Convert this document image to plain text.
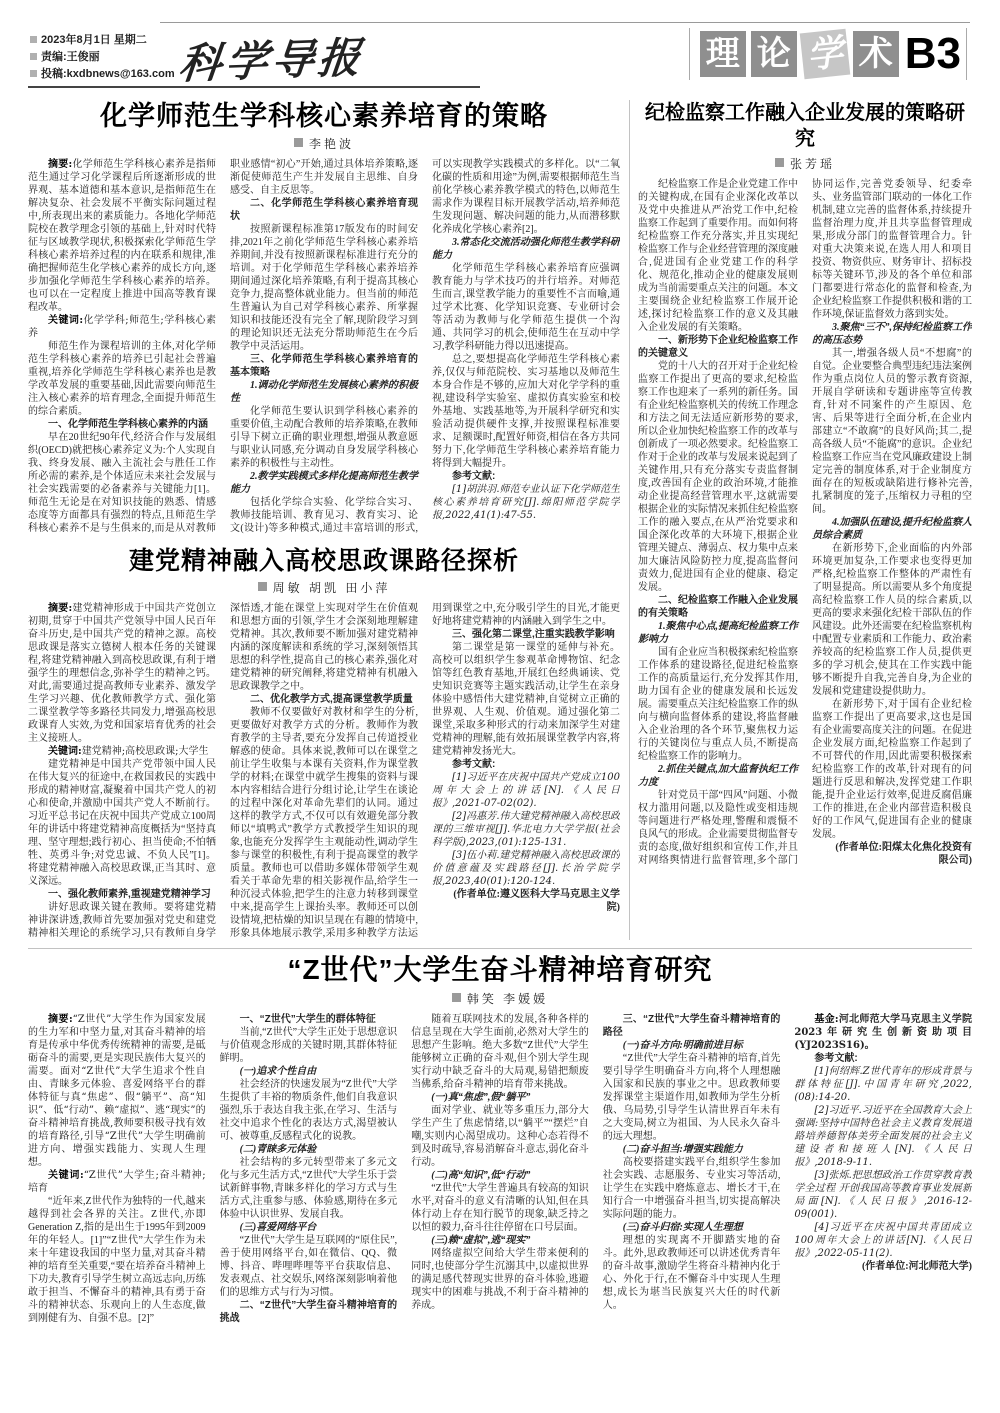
2023年8月1日 星期二
责编:王俊丽
投稿:kxdbnews@163.com 科学导报	理 论 学 术 B3
化学师范生学科核心素养培育的策略
李艳波

摘要:化学师范生学科核心素养是指师范生通过学习化学课程后所逐渐形成的世界观、基本道德和基本意识,是指师范生在解决复杂、社会发展不平衡实际问题过程中,所表现出来的素质能力。各地化学师范院校在教学理念引领的基础上,针对时代特征与区域教学现状,积极探索化学师范生学科核心素养培养过程的内在联系和规律,准确把握师范生化学核心素养的成长方向,逐步加强化学师范生学科核心素养的培养。也可以在一定程度上推进中国高等教育课程改革。

关键词:化学学科;师范生;学科核心素养

师范生作为课程培训的主体,对化学师范生学科核心素养的培养已引起社会普遍重视,培养化学师范生学科核心素养也是教学改革发展的重要基础,因此需要向师范生注入核心素养的培育理念,全面提升师范生的综合素质。

一、化学师范生学科核心素养的内涵

早在20世纪90年代,经济合作与发展组织(OECD)就把核心素养定义为:个人实现自我、终身发展、融入主流社会与胜任工作所必需的素养,是个体适应未来社会发展与社会实践需要的必备素养与关键能力[1]。师范生无论是在对知识技能的熟悉、情感态度等方面都具有强烈的特点,且师范生学科核心素养不是与生俱来的,而是从对教师职业感情“初心”开始,通过具体培养策略,逐渐促使师范生产生并发展自主思维、自身感受、自主反思等。

二、化学师范生学科核心素养培育现状

按照新课程标准第17版发布的时间安排,2021年之前化学师范生学科核心素养培养期间,并没有按照新课程标准进行充分的培训。对于化学师范生学科核心素养培养期间通过深化培养策略,有利于提高其核心竞争力,提高整体就业能力。但当前的师范生普遍认为自己对学科核心素养、所掌握知识和技能还没有完全了解,现阶段学习到的理论知识还无法充分帮助师范生在今后教学中灵活运用。

三、化学师范生学科核心素养培育的基本策略

1.调动化学师范生发展核心素养的积极性

化学师范生要认识到学科核心素养的重要价值,主动配合教师的培养策略,在教师引导下树立正确的职业理想,增强从教意愿与职业认同感,充分调动自身发展学科核心素养的积极性与主动性。

2.教学实践模式多样化提高师范生教学能力

包括化学综合实验、化学综合实习、教师技能培训、教育见习、教育实习、论文(设计)等多种模式,通过丰富培训的形式,可以实现教学实践模式的多样化。以“二氧化碳的性质和用途”为例,需要根据师范生当前化学核心素养教学模式的特色,以师范生需求作为课程目标开展教学活动,培养师范生发现问题、解决问题的能力,从而潜移默化养成化学核心素养[2]。

3.常态化交流活动强化师范生教学科研能力

化学师范生学科核心素养培育应强调教育能力与学术技巧的并行培养。对师范生而言,课堂教学能力的重要性不言而喻,通过学术比赛、化学知识竞赛、专业研讨会等活动为教师与化学师范生提供一个沟通、共同学习的机会,使师范生在互动中学习,教学科研能力得以迅速提高。

总之,要想提高化学师范生学科核心素养,仅仅与师范院校、实习基地以及师范生本身合作是不够的,应加大对化学学科的重视,建设科学实验室、虚拟仿真实验室和校外基地、实践基地等,为开展科学研究和实验活动提供硬件支撑,并按照课程标准要求、足额课时,配置好师资,相信在各方共同努力下,化学师范生学科核心素养培育能力将得到大幅提升。

参考文献:

[1]胡洪羽.师范专业认证下化学师范生核心素养培育研究[J].绵阳师范学院学报,2022,41(1):47-55.

建党精神融入高校思政课路径探析
周敏 胡凯 田小萍

摘要:建党精神形成于中国共产党创立初期,贯穿于中国共产党领导中国人民百年奋斗历史,是中国共产党的精神之源。高校思政课是落实立德树人根本任务的关键课程,将建党精神融入到高校思政课,有利于增强学生的理想信念,弥补学生的精神之钙。对此,需要通过提高教师专业素养、激发学生学习兴趣、优化教师教学方式、强化第二课堂教学等多路径共同发力,增强高校思政课育人实效,为党和国家培育优秀的社会主义接班人。

关键词:建党精神;高校思政课;大学生

建党精神是中国共产党带领中国人民在伟大复兴的征途中,在救国救民的实践中形成的精神财富,凝聚着中国共产党人的初心和使命,并激励中国共产党人不断前行。习近平总书记在庆祝中国共产党成立100周年的讲话中将建党精神高度概括为“坚持真理、坚守理想;践行初心、担当使命;不怕牺牲、英勇斗争;对党忠诚、不负人民”[1]。将建党精神融入高校思政课,正当其时、意义深远。

一、强化教师素养,重视建党精神学习

讲好思政课关键在教师。要将建党精神讲深讲透,教师首先要加强对党史和建党精神相关理论的系统学习,只有教师自身学深悟透,才能在课堂上实现对学生在价值观和思想方面的引领,学生才会深刻地理解建党精神。其次,教师要不断加强对建党精神内涵的深度解读和系统的学习,深刻领悟其思想的科学性,提高自己的核心素养,强化对建党精神的研究阐释,将建党精神有机融入思政课教学之中。

二、优化教学方式,提高课堂教学质量

教师不仅要做好对教材和学生的分析,更要做好对教学方式的分析。教师作为教育教学的主导者,要充分发挥自己传道授业解惑的使命。具体来说,教师可以在课堂之前让学生收集与本课有关资料,作为课堂教学的材料;在课堂中就学生搜集的资料与课本内容相结合进行分组讨论,让学生在谈论的过程中深化对革命先辈们的认同。通过这样的教学方式,不仅可以有效避免部分教师以“填鸭式”教学方式教授学生知识的现象,也能充分发挥学生主观能动性,调动学生参与课堂的积极性,有利于提高课堂的教学质量。教师也可以借助多媒体带领学生观看关于革命先辈的相关影视作品,给学生一种沉浸式体验,把学生的注意力转移到课堂中来,提高学生上课抬头率。教师还可以创设情境,把枯燥的知识呈现在有趣的情境中,形象具体地展示教学,采用多种教学方法运用到课堂之中,充分吸引学生的目光,才能更好地将建党精神的内涵融入到学生之中。

三、强化第二课堂,注重实践教学影响

第二课堂是第一课堂的延伸与补充。高校可以组织学生参观革命博物馆、纪念馆等红色教育基地,开展红色经典诵读、党史知识竞赛等主题实践活动,让学生在亲身体验中感悟伟大建党精神,自觉树立正确的世界观、人生观、价值观。通过强化第二课堂,采取多种形式的行动来加深学生对建党精神的理解,能有效拓展课堂教学内容,将建党精神发扬光大。

参考文献:

[1]习近平在庆祝中国共产党成立100周年大会上的讲话[N].《人民日报》,2021-07-02(02).

[2]冯惠芳.伟大建党精神融入高校思政课的三维审视[J].华北电力大学学报(社会科学版),2023,(01):125-131.

[3]伍小莉.建党精神融入高校思政课的价值意蕴及实践路径[J].长治学院学报,2023,40(01):120-124.

(作者单位:遵义医科大学马克思主义学院)

纪检监察工作融入企业发展的策略研究
张芳瑶

纪检监察工作是企业党建工作中的关键构成,在国有企业深化改革以及党中央推进从严治党工作中,纪检监察工作起到了重要作用。而如何将纪检监察工作充分落实,并且实现纪检监察工作与企业经营管理的深度融合,促进国有企业党建工作的科学化、规范化,推动企业的健康发展则成为当前需要重点关注的问题。本文主要围绕企业纪检监察工作展开论述,探讨纪检监察工作的意义及其融入企业发展的有关策略。

一、新形势下企业纪检监察工作的关键意义

党的十八大的召开对于企业纪检监察工作提出了更高的要求,纪检监察工作也迎来了一系列的新任务。国有企业纪检监察机关的传统工作理念和方法之间无法适应新形势的要求,所以企业加快纪检监察工作的改革与创新成了一项必然要求。纪检监察工作对于企业的改革与发展来说起到了关键作用,只有充分落实专责监督制度,改善国有企业的政治环境,才能推动企业提高经营管理水平,这就需要根据企业的实际情况来抓住纪检监察工作的融入要点,在从严治党要求和国企深化改革的大环境下,根据企业管理关键点、薄弱点、权力集中点来加大廉洁风险防控力度,提高监督问责效力,促进国有企业的健康、稳定发展。

二、纪检监察工作融入企业发展的有关策略

1.聚焦中心点,提高纪检监察工作影响力

国有企业应当积极探索纪检监察工作体系的建设路径,促进纪检监察工作的高质量运行,充分发挥其作用,助力国有企业的健康发展和长远发展。需要重点关注纪检监察工作的纵向与横向监督体系的建设,将监督融入企业治理的各个环节,聚焦权力运行的关键岗位与重点人员,不断提高纪检监察工作的影响力。

2.抓住关键点,加大监督执纪工作力度

针对党员干部“四风”问题、小微权力滥用问题,以及隐性或变相违规等问题进行严格处理,警醒和震慑不良风气的形成。企业需要贯彻监督专责的态度,做好组织和宣传工作,并且对网络舆情进行监督管理,多个部门协同运作,完善党委领导、纪委牵头、业务监管部门联动的一体化工作机制,建立完善的监督体系,持续提升监督治理力度,并且共享监督管理成果,形成分部门的监督管理合力。针对重大决策来说,在选人用人和项目投资、物资供应、财务审计、招标投标等关键环节,涉及的各个单位和部门都要进行常态化的监督和检查,为企业纪检监察工作提供积极和谐的工作环境,保证监督效力落到实处。

3.聚焦“三不”,保持纪检监察工作的高压态势

其一,增强各级人员“不想腐”的自觉。企业要整合典型违纪违法案例作为重点岗位人员的警示教育资源,开展自学研读和专题讲座等宣传教育,针对不同案件的产生原因、危害、后果等进行全面分析,在企业内部建立“不敢腐”的良好风尚;其二,提高各级人员“不能腐”的意识。企业纪检监察工作应当在党风廉政建设上制定完善的制度体系,对于企业制度方面存在的短板或缺陷进行修补完善,扎紧制度的笼子,压缩权力寻租的空间。

4.加强队伍建设,提升纪检监察人员综合素质

在新形势下,企业面临的内外部环境更加复杂,工作要求也变得更加严格,纪检监察工作整体的严肃性有了明显提高。所以需要从多个角度提高纪检监察工作人员的综合素质,以更高的要求来强化纪检干部队伍的作风建设。此外还需要在纪检监察机构中配置专业素质和工作能力、政治素养较高的纪检监察工作人员,提供更多的学习机会,使其在工作实践中能够不断提升自我,完善自身,为企业的发展和党建建设提供助力。

在新形势下,对于国有企业纪检监察工作提出了更高要求,这也是国有企业需要高度关注的问题。在促进企业发展方面,纪检监察工作起到了不可替代的作用,因此需要积极探索纪检监察工作的改革,针对现有的问题进行反思和解决,发挥党建工作职能,提升企业运行效率,促进反腐倡廉工作的推进,在企业内部营造积极良好的工作风气,促进国有企业的健康发展。

(作者单位:阳煤太化焦化投资有限公司)

“Z世代”大学生奋斗精神培育研究
韩笑 李媛媛

摘要:“Z世代”大学生作为国家发展的生力军和中坚力量,对其奋斗精神的培育是传承中华优秀传统精神的需要,是砥砺奋斗的需要,更是实现民族伟大复兴的需要。面对“Z世代”大学生追求个性自由、青睐多元体验、喜爱网络平台的群体特征与真“焦虑”、假“躺平”、高“知识”、低“行动”、赖“虚拟”、逃“现实”的奋斗精神培育挑战,教师要积极寻找有效的培育路径,引导“Z世代”大学生明确前进方向、增强实践能力、实现人生理想。

关键词:“Z世代”大学生;奋斗精神;培育

“近年来,Z世代作为独特的一代,越来越得到社会各界的关注。Z世代,亦即Generation Z,指的是出生于1995年到2009年的年轻人。[1]”“Z世代”大学生作为未来十年建设我国的中坚力量,对其奋斗精神的培育至关重要,“要在培养奋斗精神上下功夫,教育引导学生树立高远志向,历练敢于担当、不懈奋斗的精神,具有勇于奋斗的精神状态、乐观向上的人生态度,做到刚健有为、自强不息。[2]”

一、“Z世代”大学生的群体特征

当前,“Z世代”大学生正处于思想意识与价值观念形成的关键时期,其群体特征鲜明。

(一)追求个性自由

社会经济的快速发展为“Z世代”大学生提供了丰裕的物质条件,他们自我意识强烈,乐于表达自我主张,在学习、生活与社交中追求个性化的表达方式,渴望被认可、被尊重,反感程式化的说教。

(二)青睐多元体验

社会结构的多元转型带来了多元文化与多元生活方式,“Z世代”大学生乐于尝试新鲜事物,青睐多样化的学习方式与生活方式,注重参与感、体验感,期待在多元体验中认识世界、发展自我。

(三)喜爱网络平台

“Z世代”大学生是互联网的“原住民”,善于使用网络平台,如在微信、QQ、微博、抖音、哔哩哔哩等平台获取信息、发表观点、社交娱乐,网络深刻影响着他们的思维方式与行为习惯。

二、“Z世代”大学生奋斗精神培育的挑战

随着互联网技术的发展,各种各样的信息呈现在大学生面前,必然对大学生的思想产生影响。绝大多数“Z世代”大学生能够树立正确的奋斗观,但个别大学生现实行动中缺乏奋斗的大局观,易错把颓废当佛系,给奋斗精神的培育带来挑战。

(一)真“焦虑”,假“躺平”

面对学业、就业等多重压力,部分大学生产生了焦虑情绪,以“躺平”“摆烂”自嘲,实则内心渴望成功。这种心态若得不到及时疏导,容易消解奋斗意志,弱化奋斗行动。

(二)高“知识”,低“行动”

“Z世代”大学生普遍具有较高的知识水平,对奋斗的意义有清晰的认知,但在具体行动上存在知行脱节的现象,缺乏持之以恒的毅力,奋斗往往停留在口号层面。

(三)赖“虚拟”,逃“现实”

网络虚拟空间给大学生带来便利的同时,也使部分学生沉溺其中,以虚拟世界的满足感代替现实世界的奋斗体验,逃避现实中的困难与挑战,不利于奋斗精神的养成。

三、“Z世代”大学生奋斗精神培育的路径

(一)奋斗方向:明确前进目标

“Z世代”大学生奋斗精神的培育,首先要引导学生明确奋斗方向,将个人理想融入国家和民族的事业之中。思政教师要发挥课堂主渠道作用,如教师为学生分析俄、乌局势,引导学生认清世界百年未有之大变局,树立为祖国、为人民永久奋斗的远大理想。

(二)奋斗担当:增强实践能力

高校要搭建实践平台,组织学生参加社会实践、志愿服务、专业实习等活动,让学生在实践中磨炼意志、增长才干,在知行合一中增强奋斗担当,切实提高解决实际问题的能力。

(三)奋斗归宿:实现人生理想

理想的实现离不开脚踏实地的奋斗。此外,思政教师还可以讲述优秀青年的奋斗故事,激励学生将奋斗精神内化于心、外化于行,在不懈奋斗中实现人生理想,成长为堪当民族复兴大任的时代新人。

基金:河北师范大学马克思主义学院2023年研究生创新资助项目(YJ2023S16)。

参考文献:

[1]何绍辉.Z世代青年的形成背景与群体特征[J].中国青年研究,2022,(08):14-20.

[2]习近平.习近平在全国教育大会上强调:坚持中国特色社会主义教育发展道路培养德智体美劳全面发展的社会主义建设者和接班人[N].《人民日报》,2018-9-11.

[3]张烁.把思想政治工作贯穿教育教学全过程 开创我国高等教育事业发展新局面[N].《人民日报》,2016-12-09(001).

[4]习近平在庆祝中国共青团成立100周年大会上的讲话[N].《人民日报》,2022-05-11(2).

(作者单位:河北师范大学)
